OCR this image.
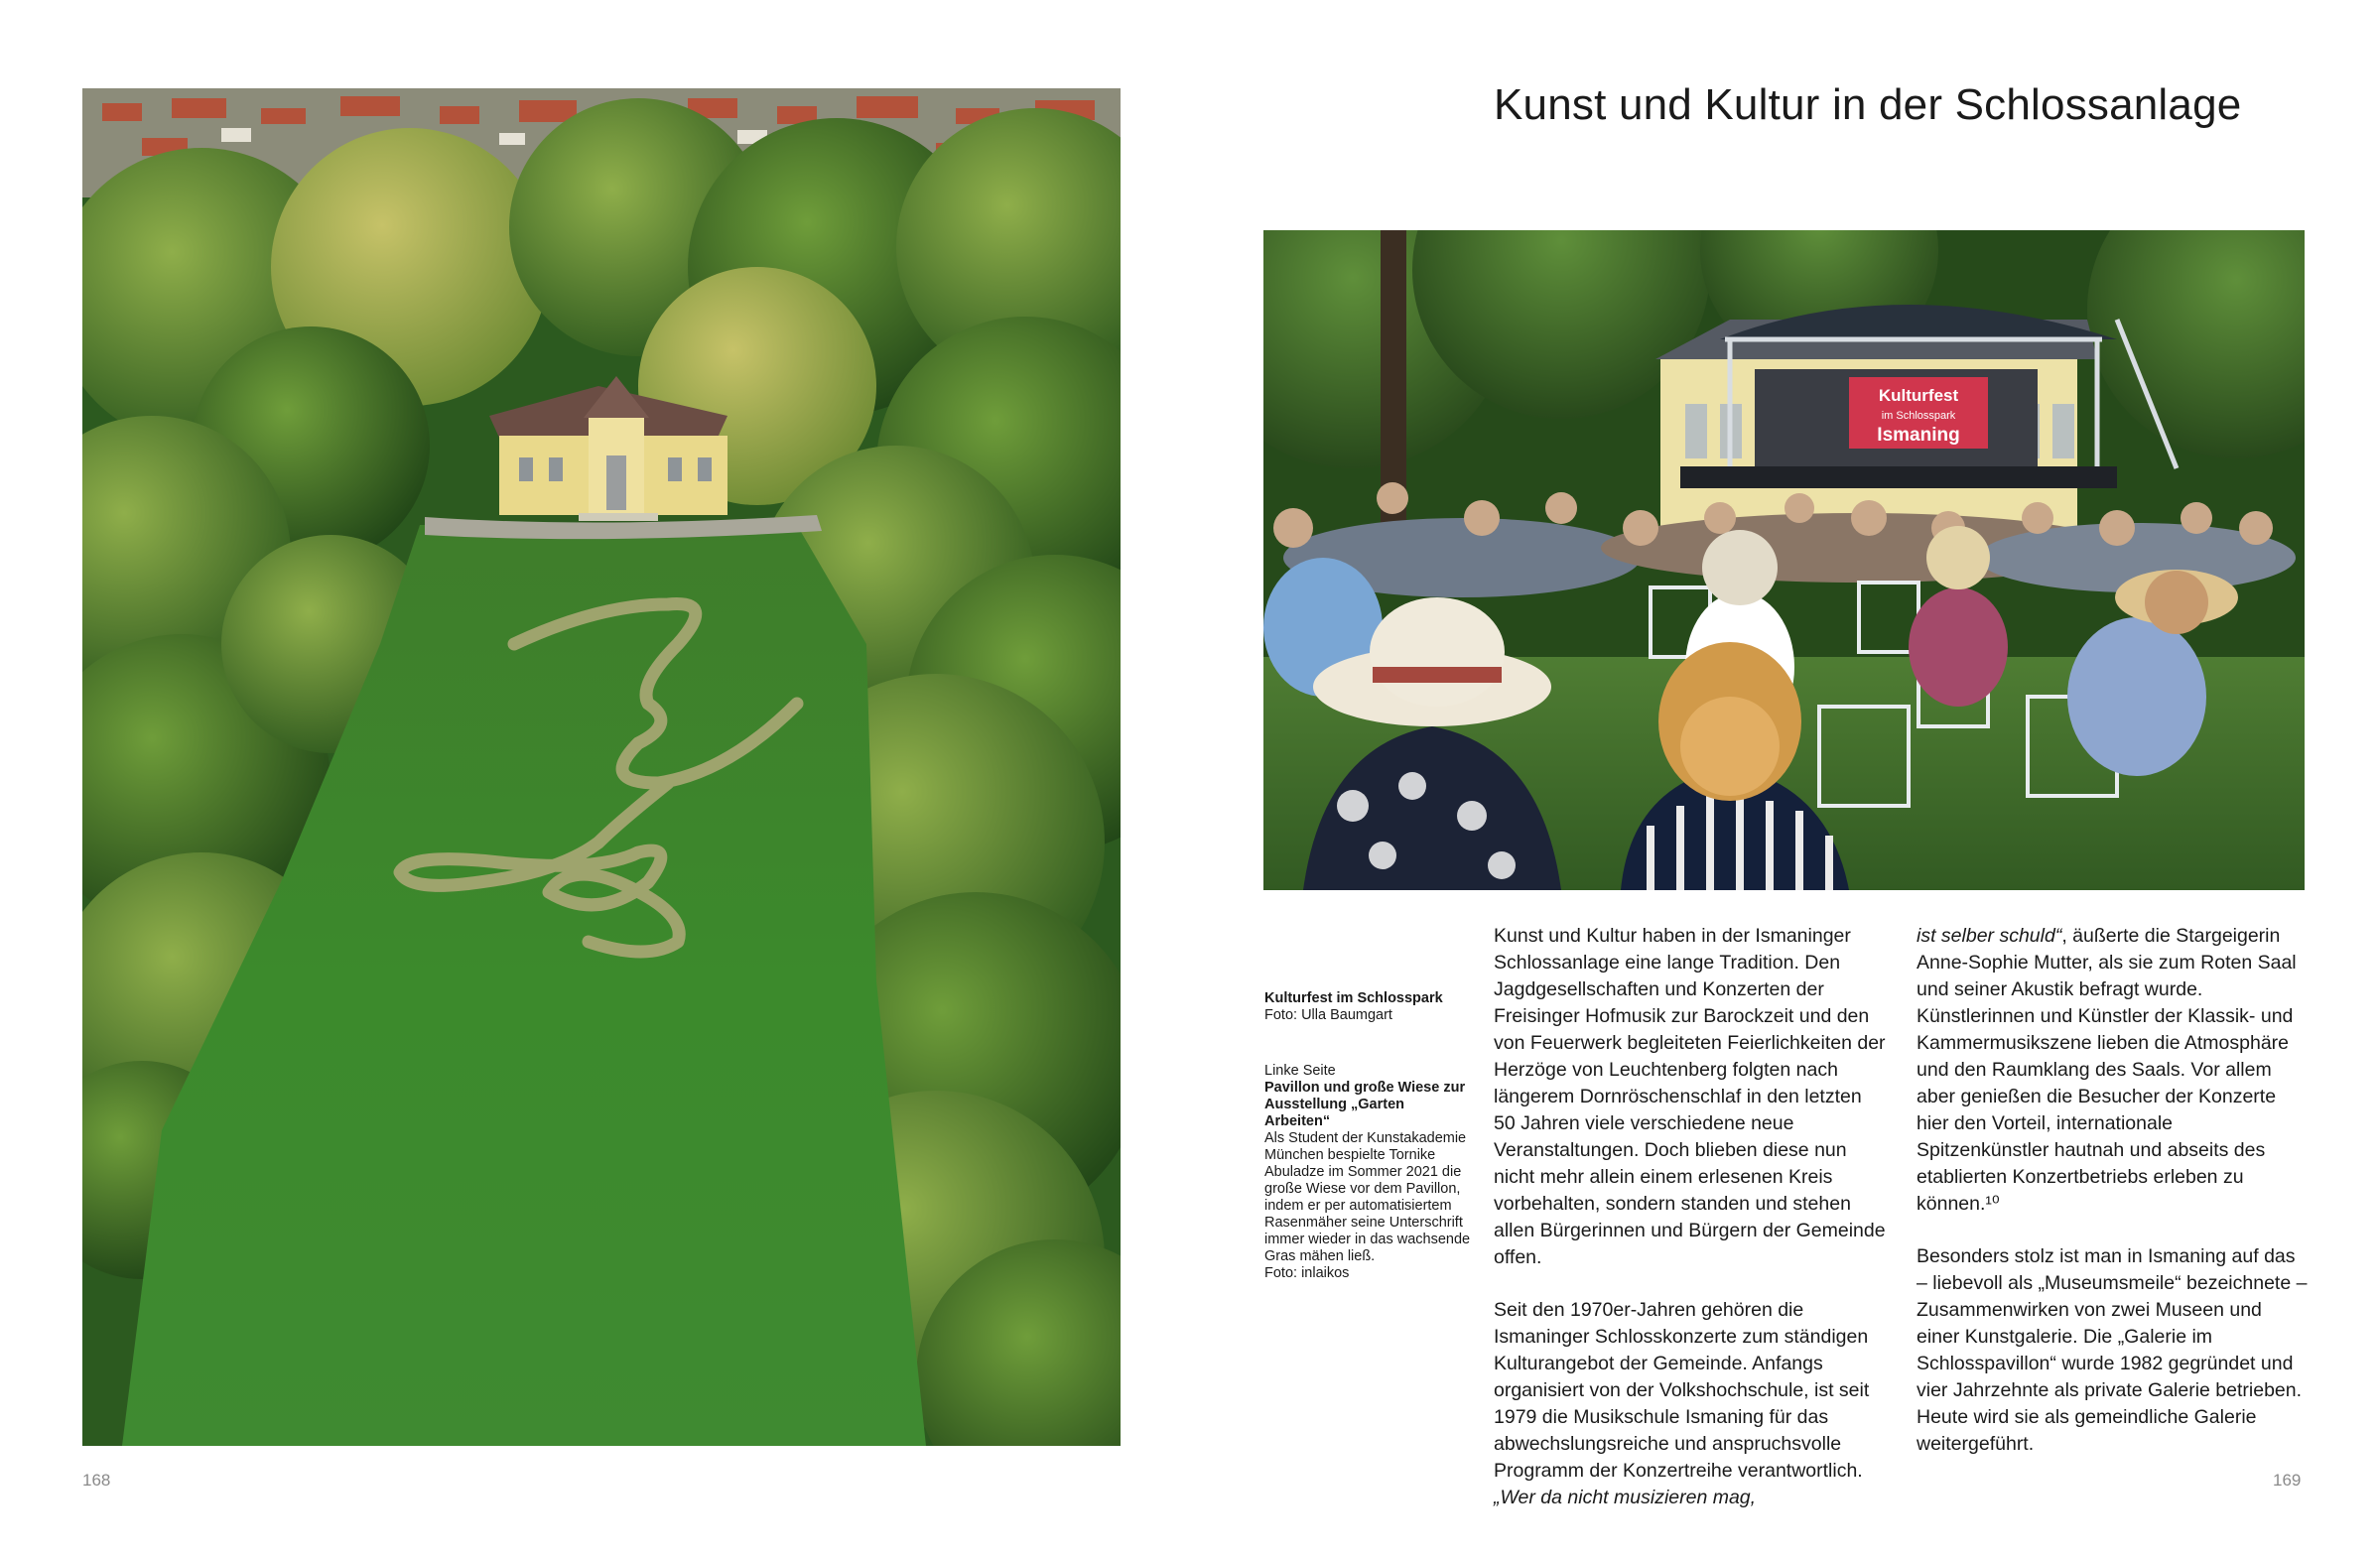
Kunst und Kultur in der Schlossanlage
Kulturfest
im Schlosspark
Ismaning
Kulturfest im Schlosspark
Foto: Ulla Baumgart
Linke Seite
Pavillon und große Wiese zur Ausstellung „Garten Arbeiten“
Als Student der Kunstakademie München bespielte Tornike Abuladze im Sommer 2021 die große Wiese vor dem Pavillon, indem er per automatisiertem Rasenmäher seine Unterschrift immer wieder in das wachsende Gras mähen ließ.
Foto: inlaikos

Kunst und Kultur haben in der Ismaninger Schlossanlage eine lange Tradition. Den Jagdgesellschaften und Konzerten der Freisinger Hofmusik zur Barockzeit und den von Feuerwerk begleiteten Feierlichkeiten der Herzöge von Leuchtenberg folgten nach längerem Dornröschenschlaf in den letzten 50 Jahren viele verschiedene neue Veranstaltungen. Doch blieben diese nun nicht mehr allein einem erlesenen Kreis vorbehalten, sondern standen und stehen allen Bürgerinnen und Bürgern der Gemeinde offen.

Seit den 1970er-Jahren gehören die Ismaninger Schlosskonzerte zum ständigen Kulturangebot der Gemeinde. Anfangs organisiert von der Volkshochschule, ist seit 1979 die Musikschule Ismaning für das abwechslungsreiche und anspruchsvolle Programm der Konzertreihe verantwortlich. „Wer da nicht musizieren mag,

ist selber schuld“, äußerte die Stargeigerin Anne-Sophie Mutter, als sie zum Roten Saal und seiner Akustik befragt wurde. Künstlerinnen und Künstler der Klassik- und Kammermusikszene lieben die Atmosphäre und den Raumklang des Saals. Vor allem aber genießen die Besucher der Konzerte hier den Vorteil, internationale Spitzenkünstler hautnah und abseits des etablierten Konzertbetriebs erleben zu können.¹⁰

Besonders stolz ist man in Ismaning auf das – liebevoll als „Museumsmeile“ bezeichnete – Zusammenwirken von zwei Museen und einer Kunstgalerie. Die „Galerie im Schlosspavillon“ wurde 1982 gegründet und vier Jahrzehnte als private Galerie betrieben. Heute wird sie als gemeindliche Galerie weitergeführt.

168	169
